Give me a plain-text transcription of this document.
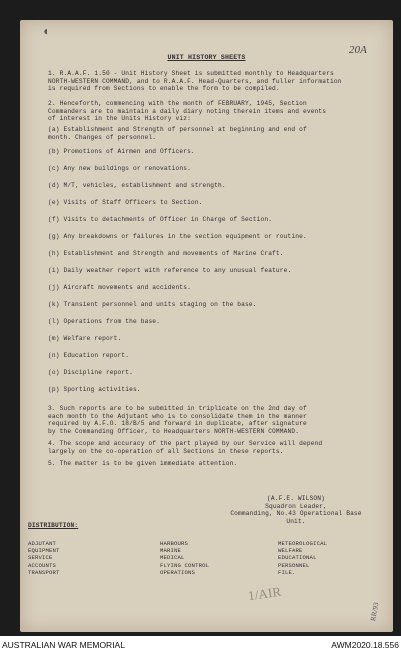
◖
20A
UNIT HISTORY SHEETS
1. R.A.A.F. 1.50 - Unit History Sheet is submitted monthly to Headquarters
NORTH-WESTERN COMMAND, and to R.A.A.F. Head-Quarters, and fuller information
is required from Sections to enable the form to be compiled.
2. Henceforth, commencing with the month of FEBRUARY, 1945, Section
Commanders are to maintain a daily diary noting therein items and events
of interest in the Units History viz:
(a) Establishment and Strength of personnel at beginning and end of
month. Changes of personnel.
(b) Promotions of Airmen and Officers.
(c) Any new buildings or renovations.
(d) M/T, vehicles, establishment and strength.
(e) Visits of Staff Officers to Section.
(f) Visits to detachments of Officer in Charge of Section.
(g) Any breakdowns or failures in the section equipment or routine.
(h) Establishment and Strength and movements of Marine Craft.
(i) Daily weather report with reference to any unusual feature.
(j) Aircraft movements and accidents.
(k) Transient personnel and units staging on the base.
(l) Operations from the base.
(m) Welfare report.
(n) Education report.
(o) Discipline report.
(p) Sporting activities.
3. Such reports are to be submitted in triplicate on the 2nd day of
each month to the Adjutant who is to consolidate them in the manner
required by A.F.O. 18/B/5 and forward in duplicate, after signature
by the Commanding Officer, to Headquarters NORTH-WESTERN COMMAND.
4. The scope and accuracy of the part played by our Service will depend
largely on the co-operation of all Sections in these reports.
5. The matter is to be given immediate attention.
(A.F.E. WILSON)
Squadron Leader,
Commanding, No.43 Operational Base Unit.
DISTRIBUTION:
ADJUTANT
EQUIPMENT
SERVICE
ACCOUNTS
TRANSPORT
HARBOURS
MARINE
MEDICAL
FLYING CONTROL
OPERATIONS
METEOROLOGICAL
WELFARE
EDUCATIONAL
PERSONNEL
FILE.
1/AIR
RR/93
AUSTRALIAN WAR MEMORIAL	AWM2020.18.556
